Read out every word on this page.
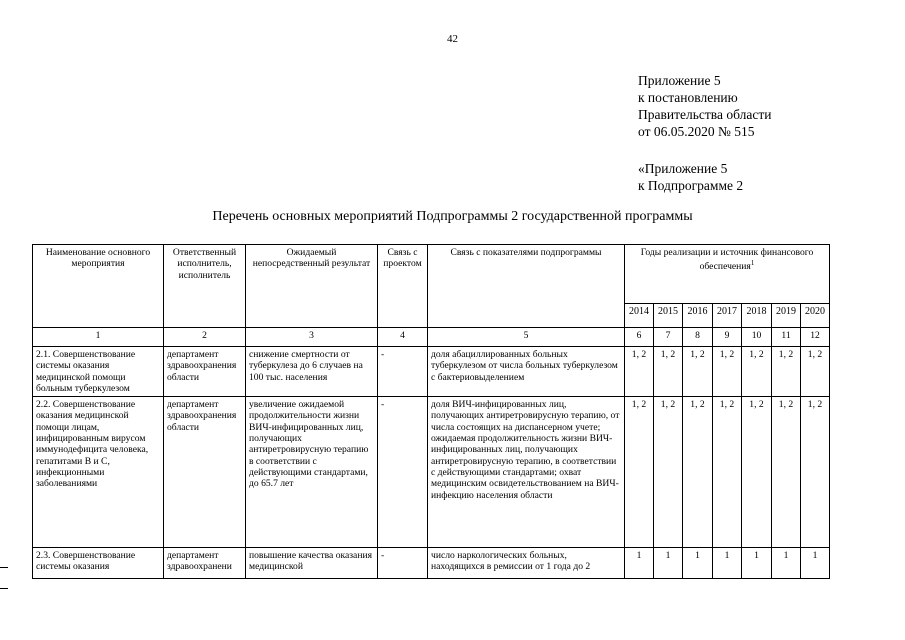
42
Приложение 5
к постановлению
Правительства области
от 06.05.2020 № 515
«Приложение 5
к Подпрограмме 2
Перечень основных мероприятий Подпрограммы 2 государственной программы
Наименование основного мероприятия	Ответственный исполнитель, исполнитель	Ожидаемый непосредственный результат	Связь с проектом	Связь с показателями подпрограммы	Годы реализации и источник финансового обеспечения$^1$
					2014	2015	2016	2017	2018	2019	2020
1	2	3	4	5	6	7	8	9	10	11	12
2.1. Совершенствование системы оказания медицинской помощи больным туберкулезом	департамент здравоохранения области	снижение смертности от туберкулеза до 6 случаев на 100 тыс. населения	-	доля абациллированных больных туберкулезом от числа больных туберкулезом с бактериовыделением	1, 2	1, 2	1, 2	1, 2	1, 2	1, 2	1, 2
2.2. Совершенствование оказания медицинской помощи лицам, инфицированным вирусом иммунодефицита человека, гепатитами В и С, инфекционными заболеваниями	департамент здравоохранения области	увеличение ожидаемой продолжительности жизни ВИЧ-инфицированных лиц, получающих антиретровирусную терапию в соответствии с действующими стандартами, до 65.7 лет	-	доля ВИЧ-инфицированных лиц, получающих антиретровирусную терапию, от числа состоящих на диспансерном учете; ожидаемая продолжительность жизни ВИЧ-инфицированных лиц, получающих антиретровирусную терапию, в соответствии с действующими стандартами; охват медицинским освидетельствованием на ВИЧ-инфекцию населения области	1, 2	1, 2	1, 2	1, 2	1, 2	1, 2	1, 2
2.3. Совершенствование системы оказания	департамент здравоохранени	повышение качества оказания медицинской	-	число наркологических больных, находящихся в ремиссии от 1 года до 2	1	1	1	1	1	1	1
